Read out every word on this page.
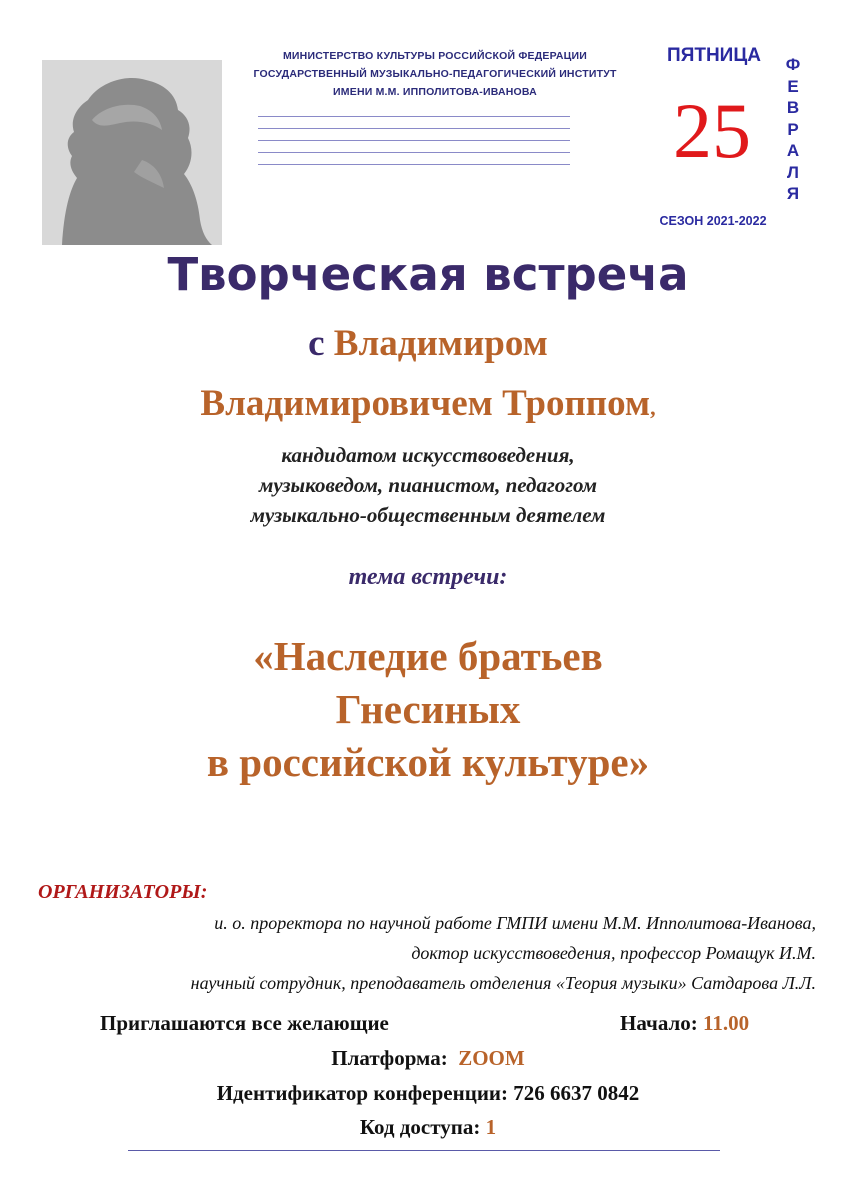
МИНИСТЕРСТВО КУЛЬТУРЫ РОССИЙСКОЙ ФЕДЕРАЦИИ
ГОСУДАРСТВЕННЫЙ МУЗЫКАЛЬНО-ПЕДАГОГИЧЕСКИЙ ИНСТИТУТ
ИМЕНИ М.М. ИППОЛИТОВА-ИВАНОВА
ПЯТНИЦА
25
Ф
Е
В
Р
А
Л
Я
СЕЗОН 2021-2022
Творческая встреча
с Владимиром
Владимировичем Троппом,
кандидатом искусствоведения,
музыковедом, пианистом, педагогом
музыкально-общественным деятелем
тема встречи:
«Наследие братьев
Гнесиных
в российской культуре»
ОРГАНИЗАТОРЫ:
и. о. проректора по научной работе ГМПИ имени М.М. Ипполитова-Иванова,
доктор искусствоведения, профессор Ромащук И.М.
научный сотрудник, преподаватель отделения «Теория музыки» Сатдарова Л.Л.
Приглашаются все желающие	Начало: 11.00
Платформа: ZOOM
Идентификатор конференции: 726 6637 0842
Код доступа: 1
